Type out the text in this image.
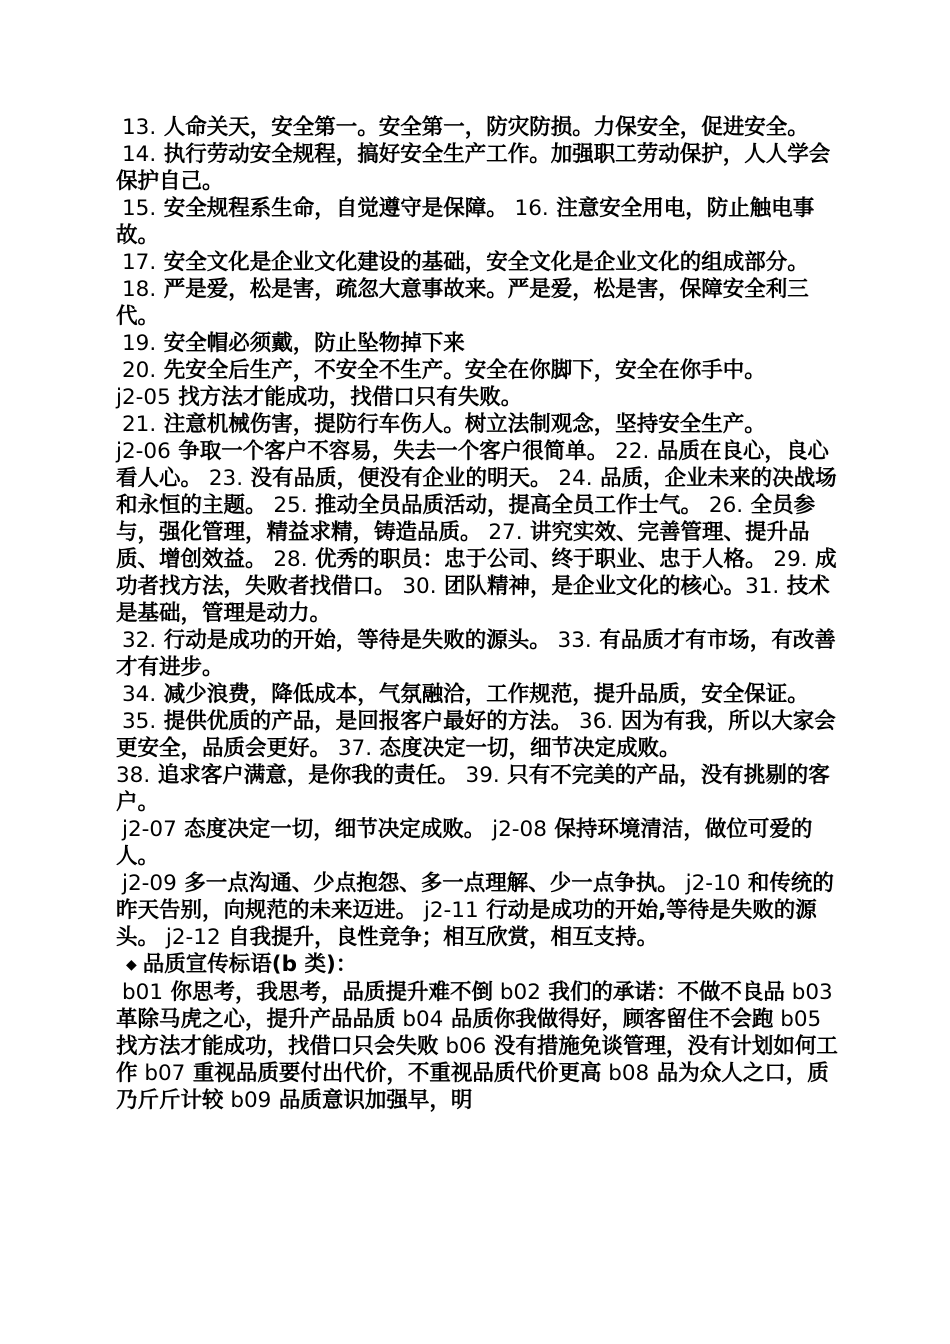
13. 人命关天，安全第一。安全第一，防灾防损。力保安全，促进安全。

14. 执行劳动安全规程，搞好安全生产工作。加强职工劳动保护，人人学会保护自己。

15. 安全规程系生命，自觉遵守是保障。 16. 注意安全用电，防止触电事故。

17. 安全文化是企业文化建设的基础，安全文化是企业文化的组成部分。

18. 严是爱，松是害，疏忽大意事故来。严是爱，松是害，保障安全利三代。

19. 安全帽必须戴，防止坠物掉下来

20. 先安全后生产，不安全不生产。安全在你脚下，安全在你手中。

j2-05 找方法才能成功，找借口只有失败。

21. 注意机械伤害，提防行车伤人。树立法制观念，坚持安全生产。

j2-06 争取一个客户不容易，失去一个客户很简单。 22. 品质在良心，良心看人心。 23. 没有品质，便没有企业的明天。 24. 品质，企业未来的决战场和永恒的主题。 25. 推动全员品质活动，提高全员工作士气。 26. 全员参与，强化管理，精益求精，铸造品质。 27. 讲究实效、完善管理、提升品质、增创效益。 28. 优秀的职员：忠于公司、终于职业、忠于人格。 29. 成功者找方法，失败者找借口。 30. 团队精神，是企业文化的核心。31. 技术是基础，管理是动力。

32. 行动是成功的开始，等待是失败的源头。 33. 有品质才有市场，有改善才有进步。

34. 减少浪费，降低成本，气氛融洽，工作规范，提升品质，安全保证。

35. 提供优质的产品，是回报客户最好的方法。 36. 因为有我，所以大家会更安全，品质会更好。 37. 态度决定一切，细节决定成败。

38. 追求客户满意，是你我的责任。 39. 只有不完美的产品，没有挑剔的客户。

j2-07 态度决定一切，细节决定成败。 j2-08 保持环境清洁，做位可爱的人。

j2-09 多一点沟通、少点抱怨、多一点理解、少一点争执。 j2-10 和传统的昨天告别，向规范的未来迈进。 j2-11 行动是成功的开始,等待是失败的源头。 j2-12 自我提升，良性竞争；相互欣赏，相互支持。

◆ 品质宣传标语(b 类)：

b01 你思考，我思考，品质提升难不倒 b02 我们的承诺：不做不良品 b03 革除马虎之心，提升产品品质 b04 品质你我做得好，顾客留住不会跑 b05 找方法才能成功，找借口只会失败 b06 没有措施免谈管理，没有计划如何工作 b07 重视品质要付出代价，不重视品质代价更高 b08 品为众人之口，质乃斤斤计较 b09 品质意识加强早，明
